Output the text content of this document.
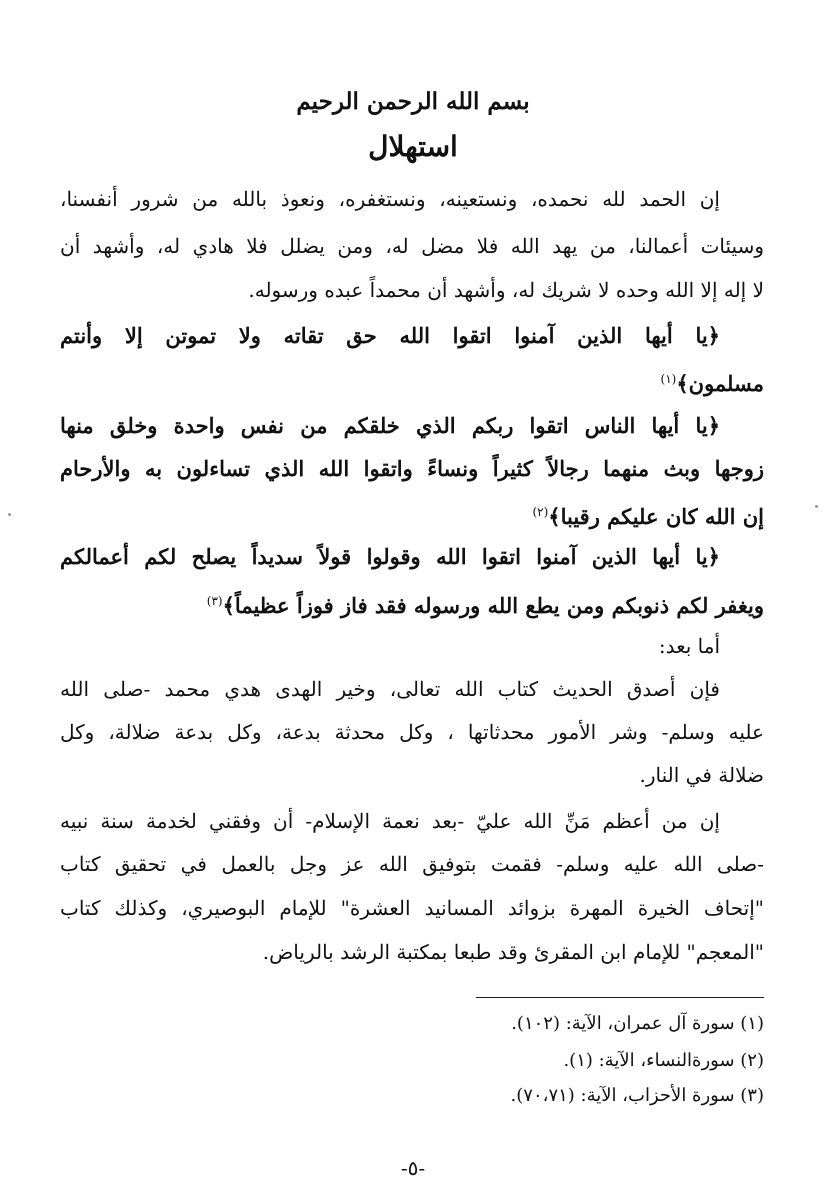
بسم الله الرحمن الرحيم
استهلال
إن الحمد لله نحمده، ونستعينه، ونستغفره، ونعوذ بالله من شرور أنفسنا،
وسيئات أعمالنا، من يهد الله فلا مضل له، ومن يضلل فلا هادي له، وأشهد أن
لا إله إلا الله وحده لا شريك له، وأشهد أن محمداً عبده ورسوله.
﴿يا أيها الذين آمنوا اتقوا الله حق تقاته ولا تموتن إلا وأنتم
مسلمون﴾$^{(١)}$
﴿يا أيها الناس اتقوا ربكم الذي خلقكم من نفس واحدة وخلق منها
زوجها وبث منهما رجالاً كثيراً ونساءً واتقوا الله الذي تساءلون به والأرحام
إن الله كان عليكم رقيبا﴾$^{(٢)}$
﴿يا أيها الذين آمنوا اتقوا الله وقولوا قولاً سديداً يصلح لكم أعمالكم
ويغفر لكم ذنوبكم ومن يطع الله ورسوله فقد فاز فوزاً عظيماً﴾$^{(٣)}$
أما بعد:
فإن أصدق الحديث كتاب الله تعالى، وخير الهدى هدي محمد -صلى الله
عليه وسلم- وشر الأمور محدثاتها ، وكل محدثة بدعة، وكل بدعة ضلالة، وكل
ضلالة في النار.
إن من أعظم مَنِّ الله عليّ -بعد نعمة الإسلام- أن وفقني لخدمة سنة نبيه
-صلى الله عليه وسلم- فقمت بتوفيق الله عز وجل بالعمل في تحقيق كتاب
"إتحاف الخيرة المهرة بزوائد المسانيد العشرة" للإمام البوصيري، وكذلك كتاب
"المعجم" للإمام ابن المقرئ وقد طبعا بمكتبة الرشد بالرياض.
(١) سورة آل عمران، الآية: (١٠٢).
(٢) سورةالنساء، الآية: (١).
(٣) سورة الأحزاب، الآية: (٧٠،٧١).
-٥-
